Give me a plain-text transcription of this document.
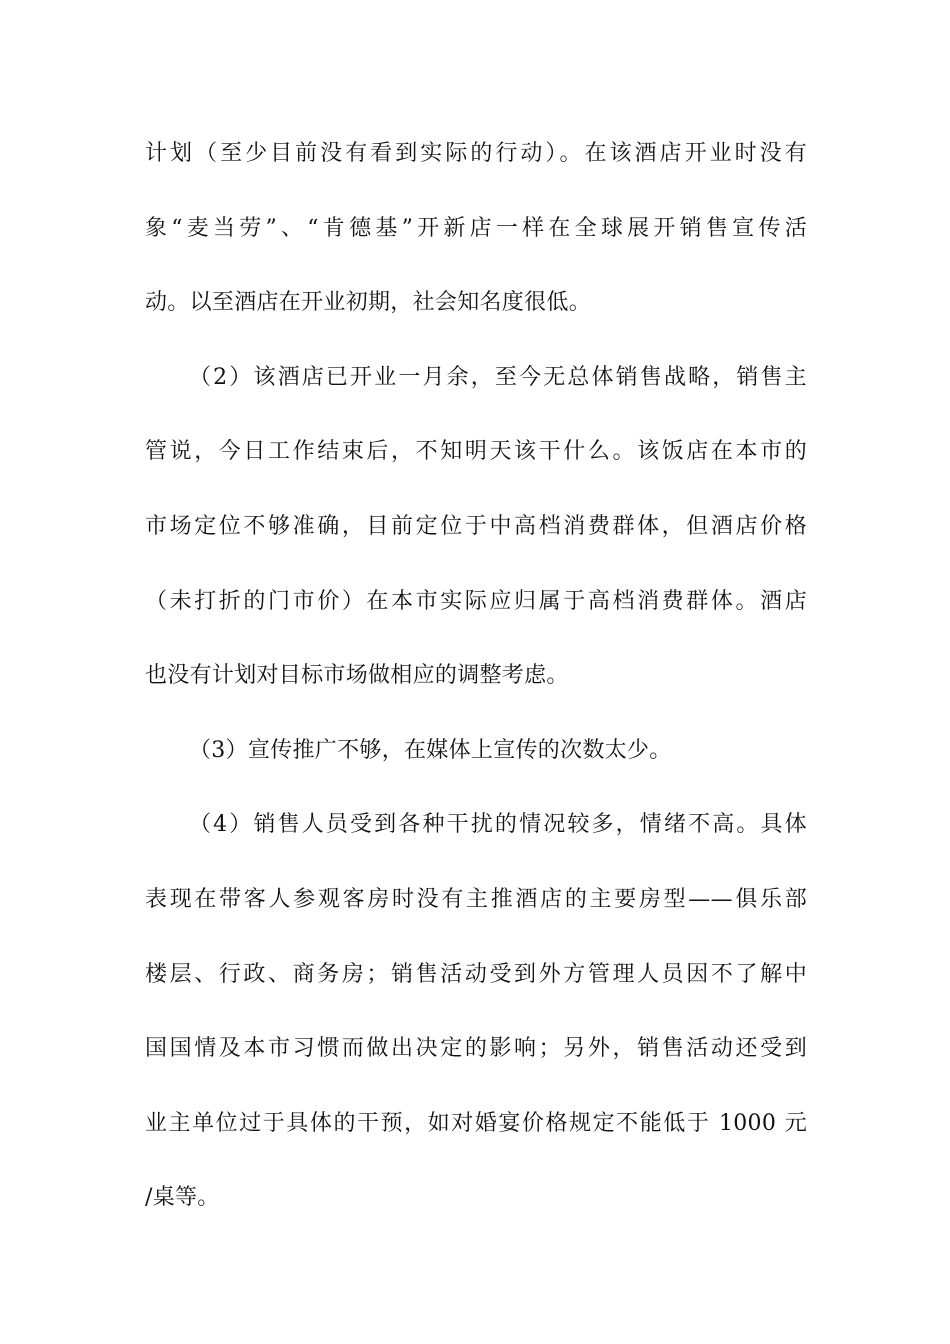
计划（至少目前没有看到实际的行动）。在该酒店开业时没有
象“麦当劳”、“肯德基”开新店一样在全球展开销售宣传活
动。以至酒店在开业初期，社会知名度很低。
（2）该酒店已开业一月余，至今无总体销售战略，销售主
管说，今日工作结束后，不知明天该干什么。该饭店在本市的
市场定位不够准确，目前定位于中高档消费群体，但酒店价格
（未打折的门市价）在本市实际应归属于高档消费群体。酒店
也没有计划对目标市场做相应的调整考虑。
（3）宣传推广不够，在媒体上宣传的次数太少。
（4）销售人员受到各种干扰的情况较多，情绪不高。具体
表现在带客人参观客房时没有主推酒店的主要房型——俱乐部
楼层、行政、商务房；销售活动受到外方管理人员因不了解中
国国情及本市习惯而做出决定的影响；另外，销售活动还受到
业主单位过于具体的干预，如对婚宴价格规定不能低于 1000 元
/桌等。
